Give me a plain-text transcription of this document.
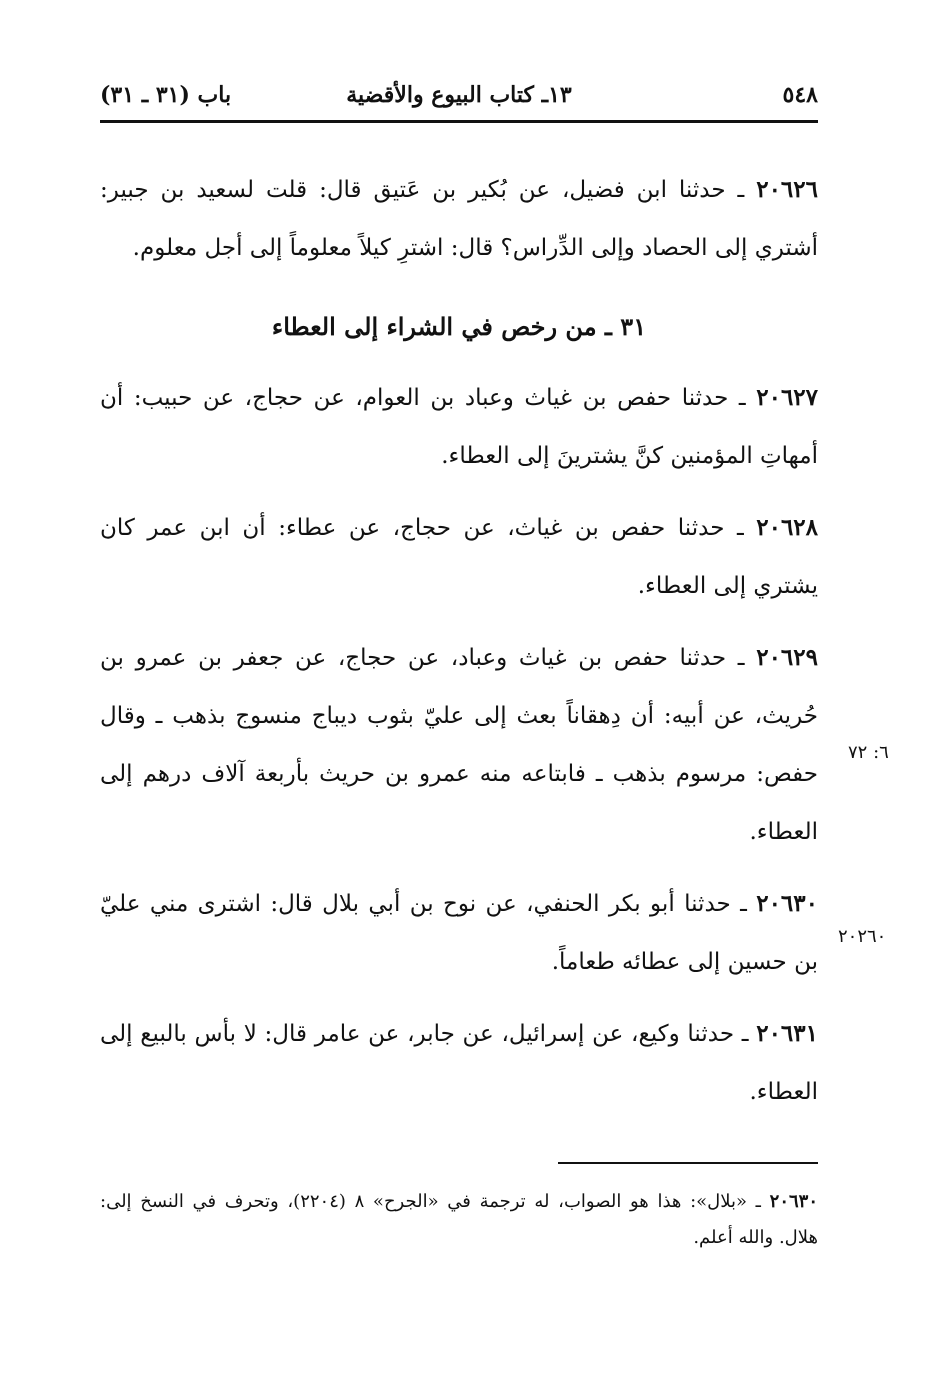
٥٤٨
١٣ـ كتاب البيوع والأقضية
باب (٣١ ـ ٣١)

٢٠٦٢٦ ـ حدثنا ابن فضيل، عن بُكير بن عَتيق قال: قلت لسعيد بن جبير: أشتري إلى الحصاد وإلى الدِّراس؟ قال: اشترِ كيلاً معلوماً إلى أجل معلوم.

٣١ ـ من رخص في الشراء إلى العطاء

٢٠٦٢٧ ـ حدثنا حفص بن غياث وعباد بن العوام، عن حجاج، عن حبيب: أن أمهاتِ المؤمنين كنَّ يشترينَ إلى العطاء.

٢٠٦٢٨ ـ حدثنا حفص بن غياث، عن حجاج، عن عطاء: أن ابن عمر كان يشتري إلى العطاء.

٢٠٦٢٩ ـ حدثنا حفص بن غياث وعباد، عن حجاج، عن جعفر بن عمرو بن حُريث، عن أبيه: أن دِهقاناً بعث إلى عليّ بثوب ديباج منسوج بذهب ـ وقال حفص: مرسوم بذهب ـ فابتاعه منه عمرو بن حريث بأربعة آلاف درهم إلى العطاء.

٢٠٦٣٠ ـ حدثنا أبو بكر الحنفي، عن نوح بن أبي بلال قال: اشترى مني عليّ بن حسين إلى عطائه طعاماً.

٢٠٦٣١ ـ حدثنا وكيع، عن إسرائيل، عن جابر، عن عامر قال: لا بأس بالبيع إلى العطاء.

٢٠٦٣٠ ـ «بلال»: هذا هو الصواب، له ترجمة في «الجرح» ٨ (٢٢٠٤)، وتحرف في النسخ إلى: هلال. والله أعلم.

٦: ٧٢
٢٠٢٦٠
